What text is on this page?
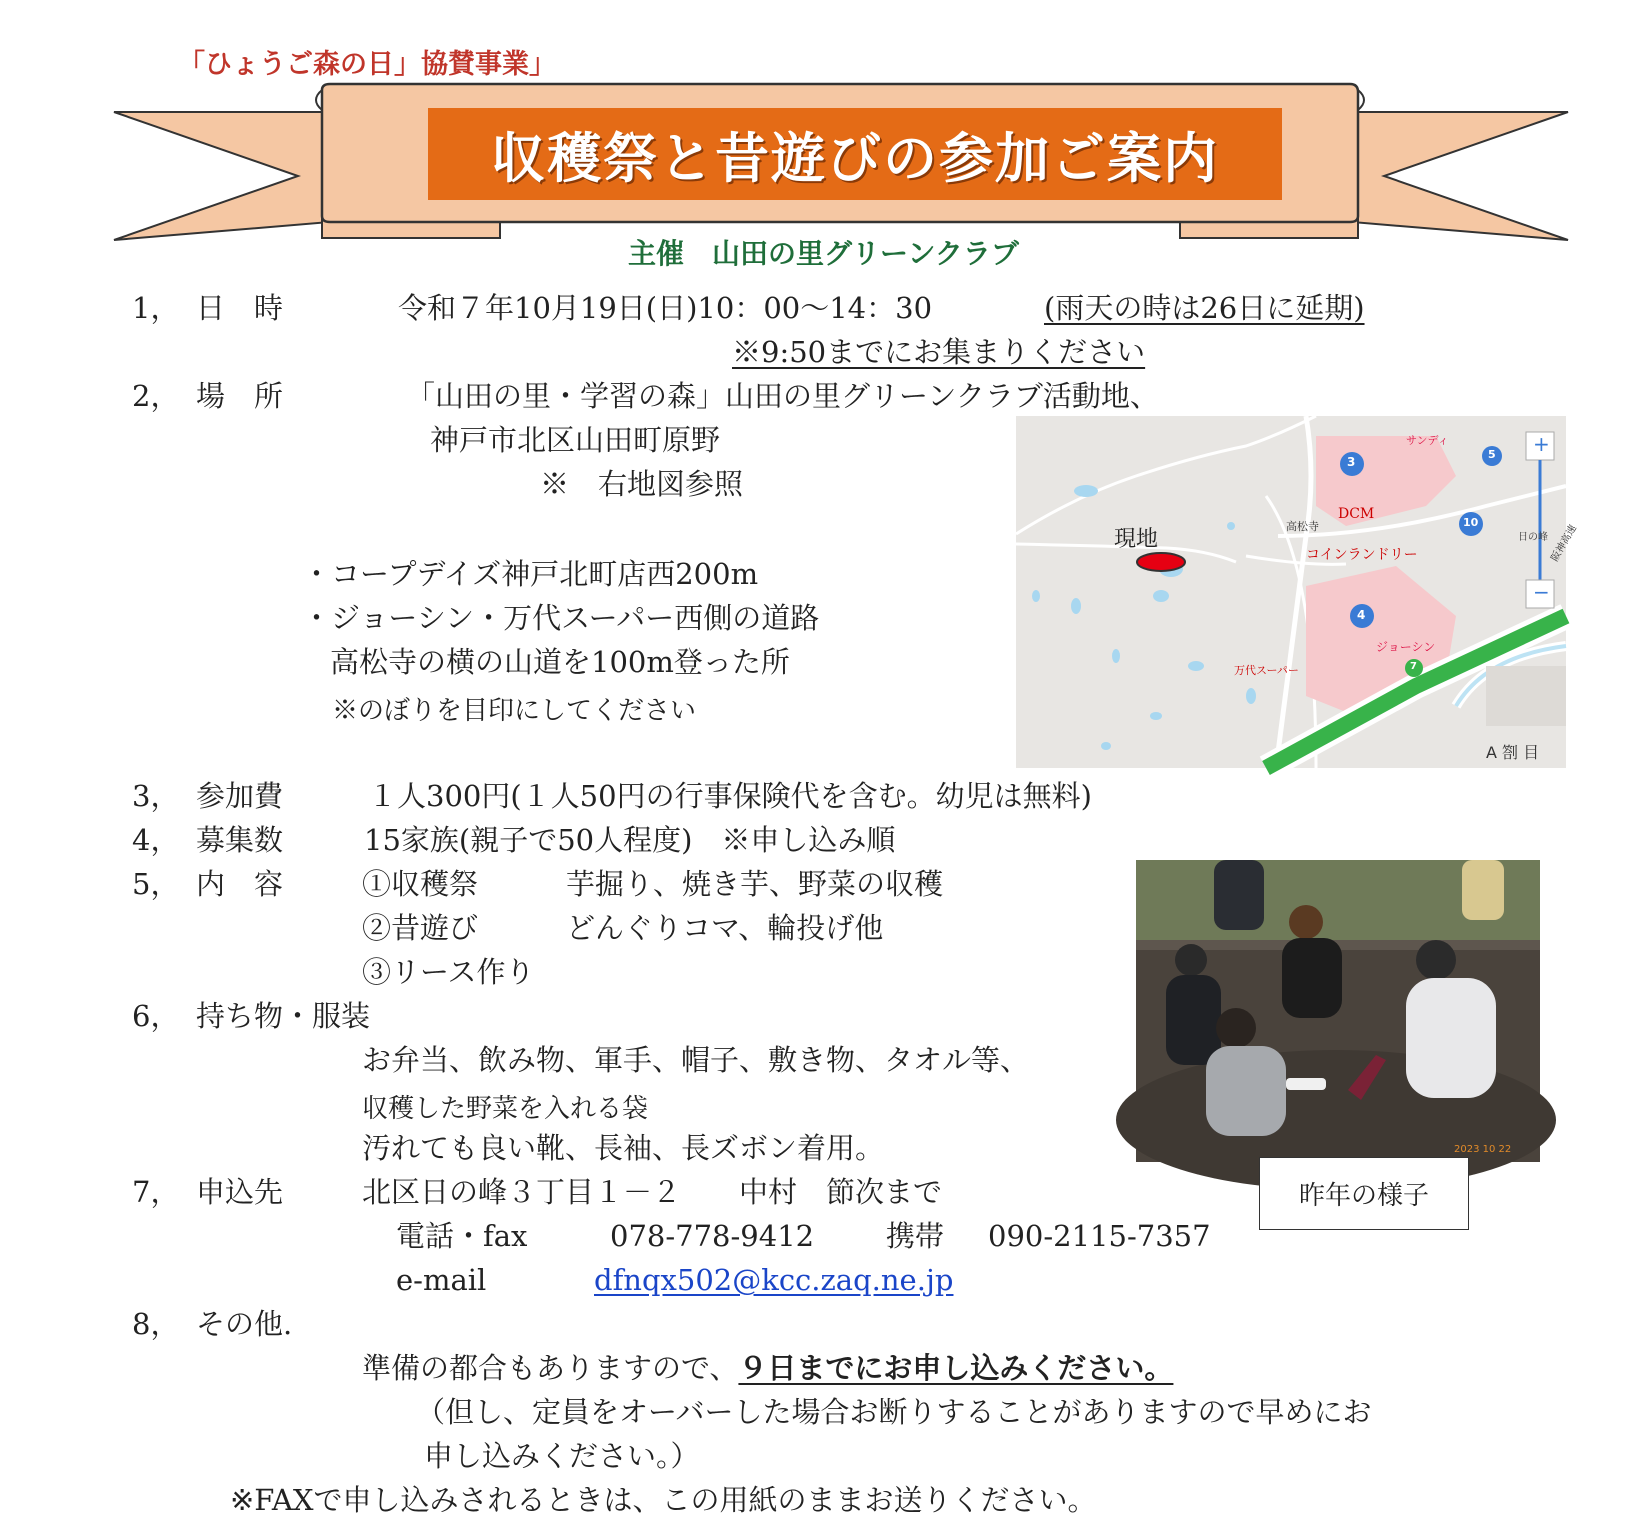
「ひょうご森の日」協賛事業」
収穫祭と昔遊びの参加ご案内
主催　山田の里グリーンクラブ
1， 日　時	令和７年10月19日(日)10：00～14：30	(雨天の時は26日に延期)
※9:50までにお集まりください
2， 場　所	「山田の里・学習の森」山田の里グリーンクラブ活動地、
神戸市北区山田町原野
※　右地図参照
・コープデイズ神戸北町店西200m
・ジョーシン・万代スーパー西側の道路
高松寺の横の山道を100m登った所
※のぼりを目印にしてください
現地
サンディ
DCM
高松寺
コインランドリー
ジョーシン
万代スーパー
日の峰 阪神高速
3
5
10
4
7
+
−
A 劄 目
3， 参加費	１人300円(１人50円の行事保険代を含む。幼児は無料)
4， 募集数	15家族(親子で50人程度)　※申し込み順
5， 内　容	①収穫祭	芋掘り、焼き芋、野菜の収穫
②昔遊び	どんぐりコマ、輪投げ他
③リース作り
2023 10 22
昨年の様子
6， 持ち物・服装
お弁当、飲み物、軍手、帽子、敷き物、タオル等、
収穫した野菜を入れる袋
汚れても良い靴、長袖、長ズボン着用。
7， 申込先	北区日の峰３丁目１－２　　中村　節次まで
電話・fax	078-778-9412 携帯 090-2115-7357
e-mail	dfnqx502@kcc.zaq.ne.jp
8， その他.
準備の都合もありますので、９日までにお申し込みください。
（但し、定員をオーバーした場合お断りすることがありますので早めにお
申し込みください。）
※FAXで申し込みされるときは、この用紙のままお送りください。
